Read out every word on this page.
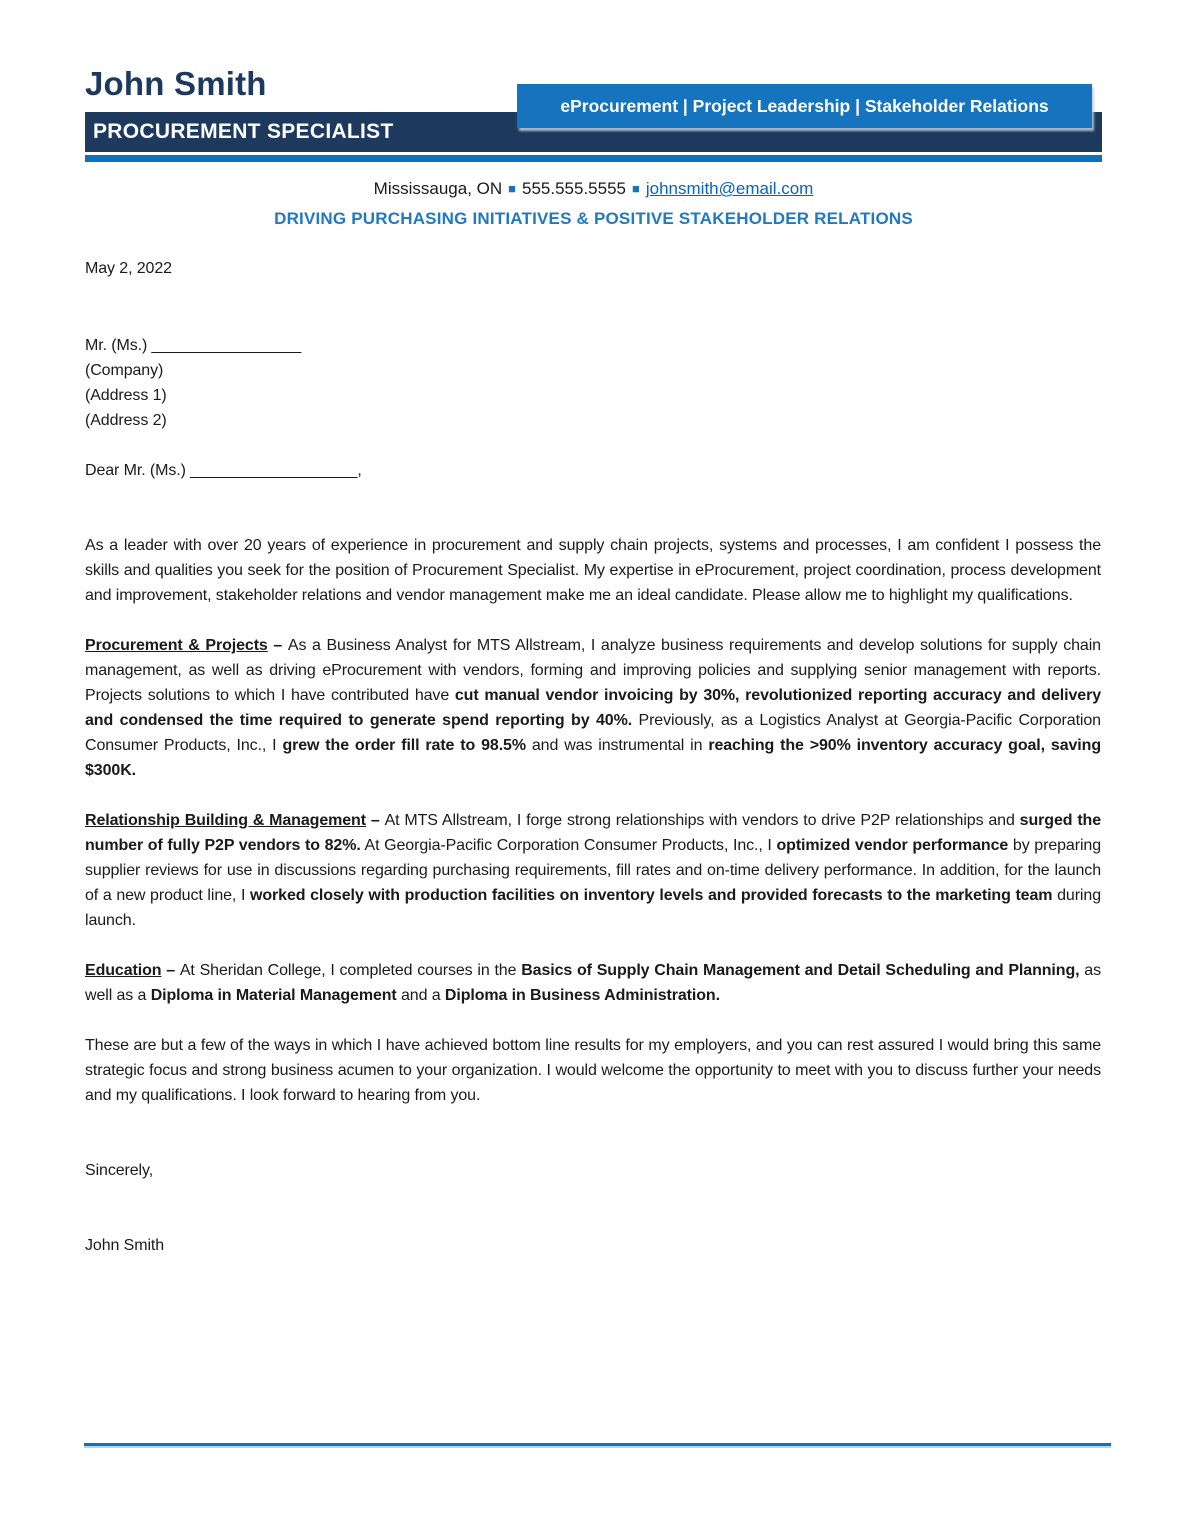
John Smith
eProcurement | Project Leadership | Stakeholder Relations
PROCUREMENT SPECIALIST
Mississauga, ON ■ 555.555.5555 ■ johnsmith@email.com
DRIVING PURCHASING INITIATIVES & POSITIVE STAKEHOLDER RELATIONS

May 2, 2022

Mr. (Ms.) _________________

(Company)

(Address 1)

(Address 2)

Dear Mr. (Ms.) ___________________,

As a leader with over 20 years of experience in procurement and supply chain projects, systems and processes, I am confident I possess the skills and qualities you seek for the position of Procurement Specialist. My expertise in eProcurement, project coordination, process development and improvement, stakeholder relations and vendor management make me an ideal candidate. Please allow me to highlight my qualifications.

Procurement & Projects – As a Business Analyst for MTS Allstream, I analyze business requirements and develop solutions for supply chain management, as well as driving eProcurement with vendors, forming and improving policies and supplying senior management with reports. Projects solutions to which I have contributed have cut manual vendor invoicing by 30%, revolutionized reporting accuracy and delivery and condensed the time required to generate spend reporting by 40%. Previously, as a Logistics Analyst at Georgia-Pacific Corporation Consumer Products, Inc., I grew the order fill rate to 98.5% and was instrumental in reaching the >90% inventory accuracy goal, saving $300K.

Relationship Building & Management – At MTS Allstream, I forge strong relationships with vendors to drive P2P relationships and surged the number of fully P2P vendors to 82%. At Georgia-Pacific Corporation Consumer Products, Inc., I optimized vendor performance by preparing supplier reviews for use in discussions regarding purchasing requirements, fill rates and on-time delivery performance. In addition, for the launch of a new product line, I worked closely with production facilities on inventory levels and provided forecasts to the marketing team during launch.

Education – At Sheridan College, I completed courses in the Basics of Supply Chain Management and Detail Scheduling and Planning, as well as a Diploma in Material Management and a Diploma in Business Administration.

These are but a few of the ways in which I have achieved bottom line results for my employers, and you can rest assured I would bring this same strategic focus and strong business acumen to your organization. I would welcome the opportunity to meet with you to discuss further your needs and my qualifications. I look forward to hearing from you.

Sincerely,

John Smith
